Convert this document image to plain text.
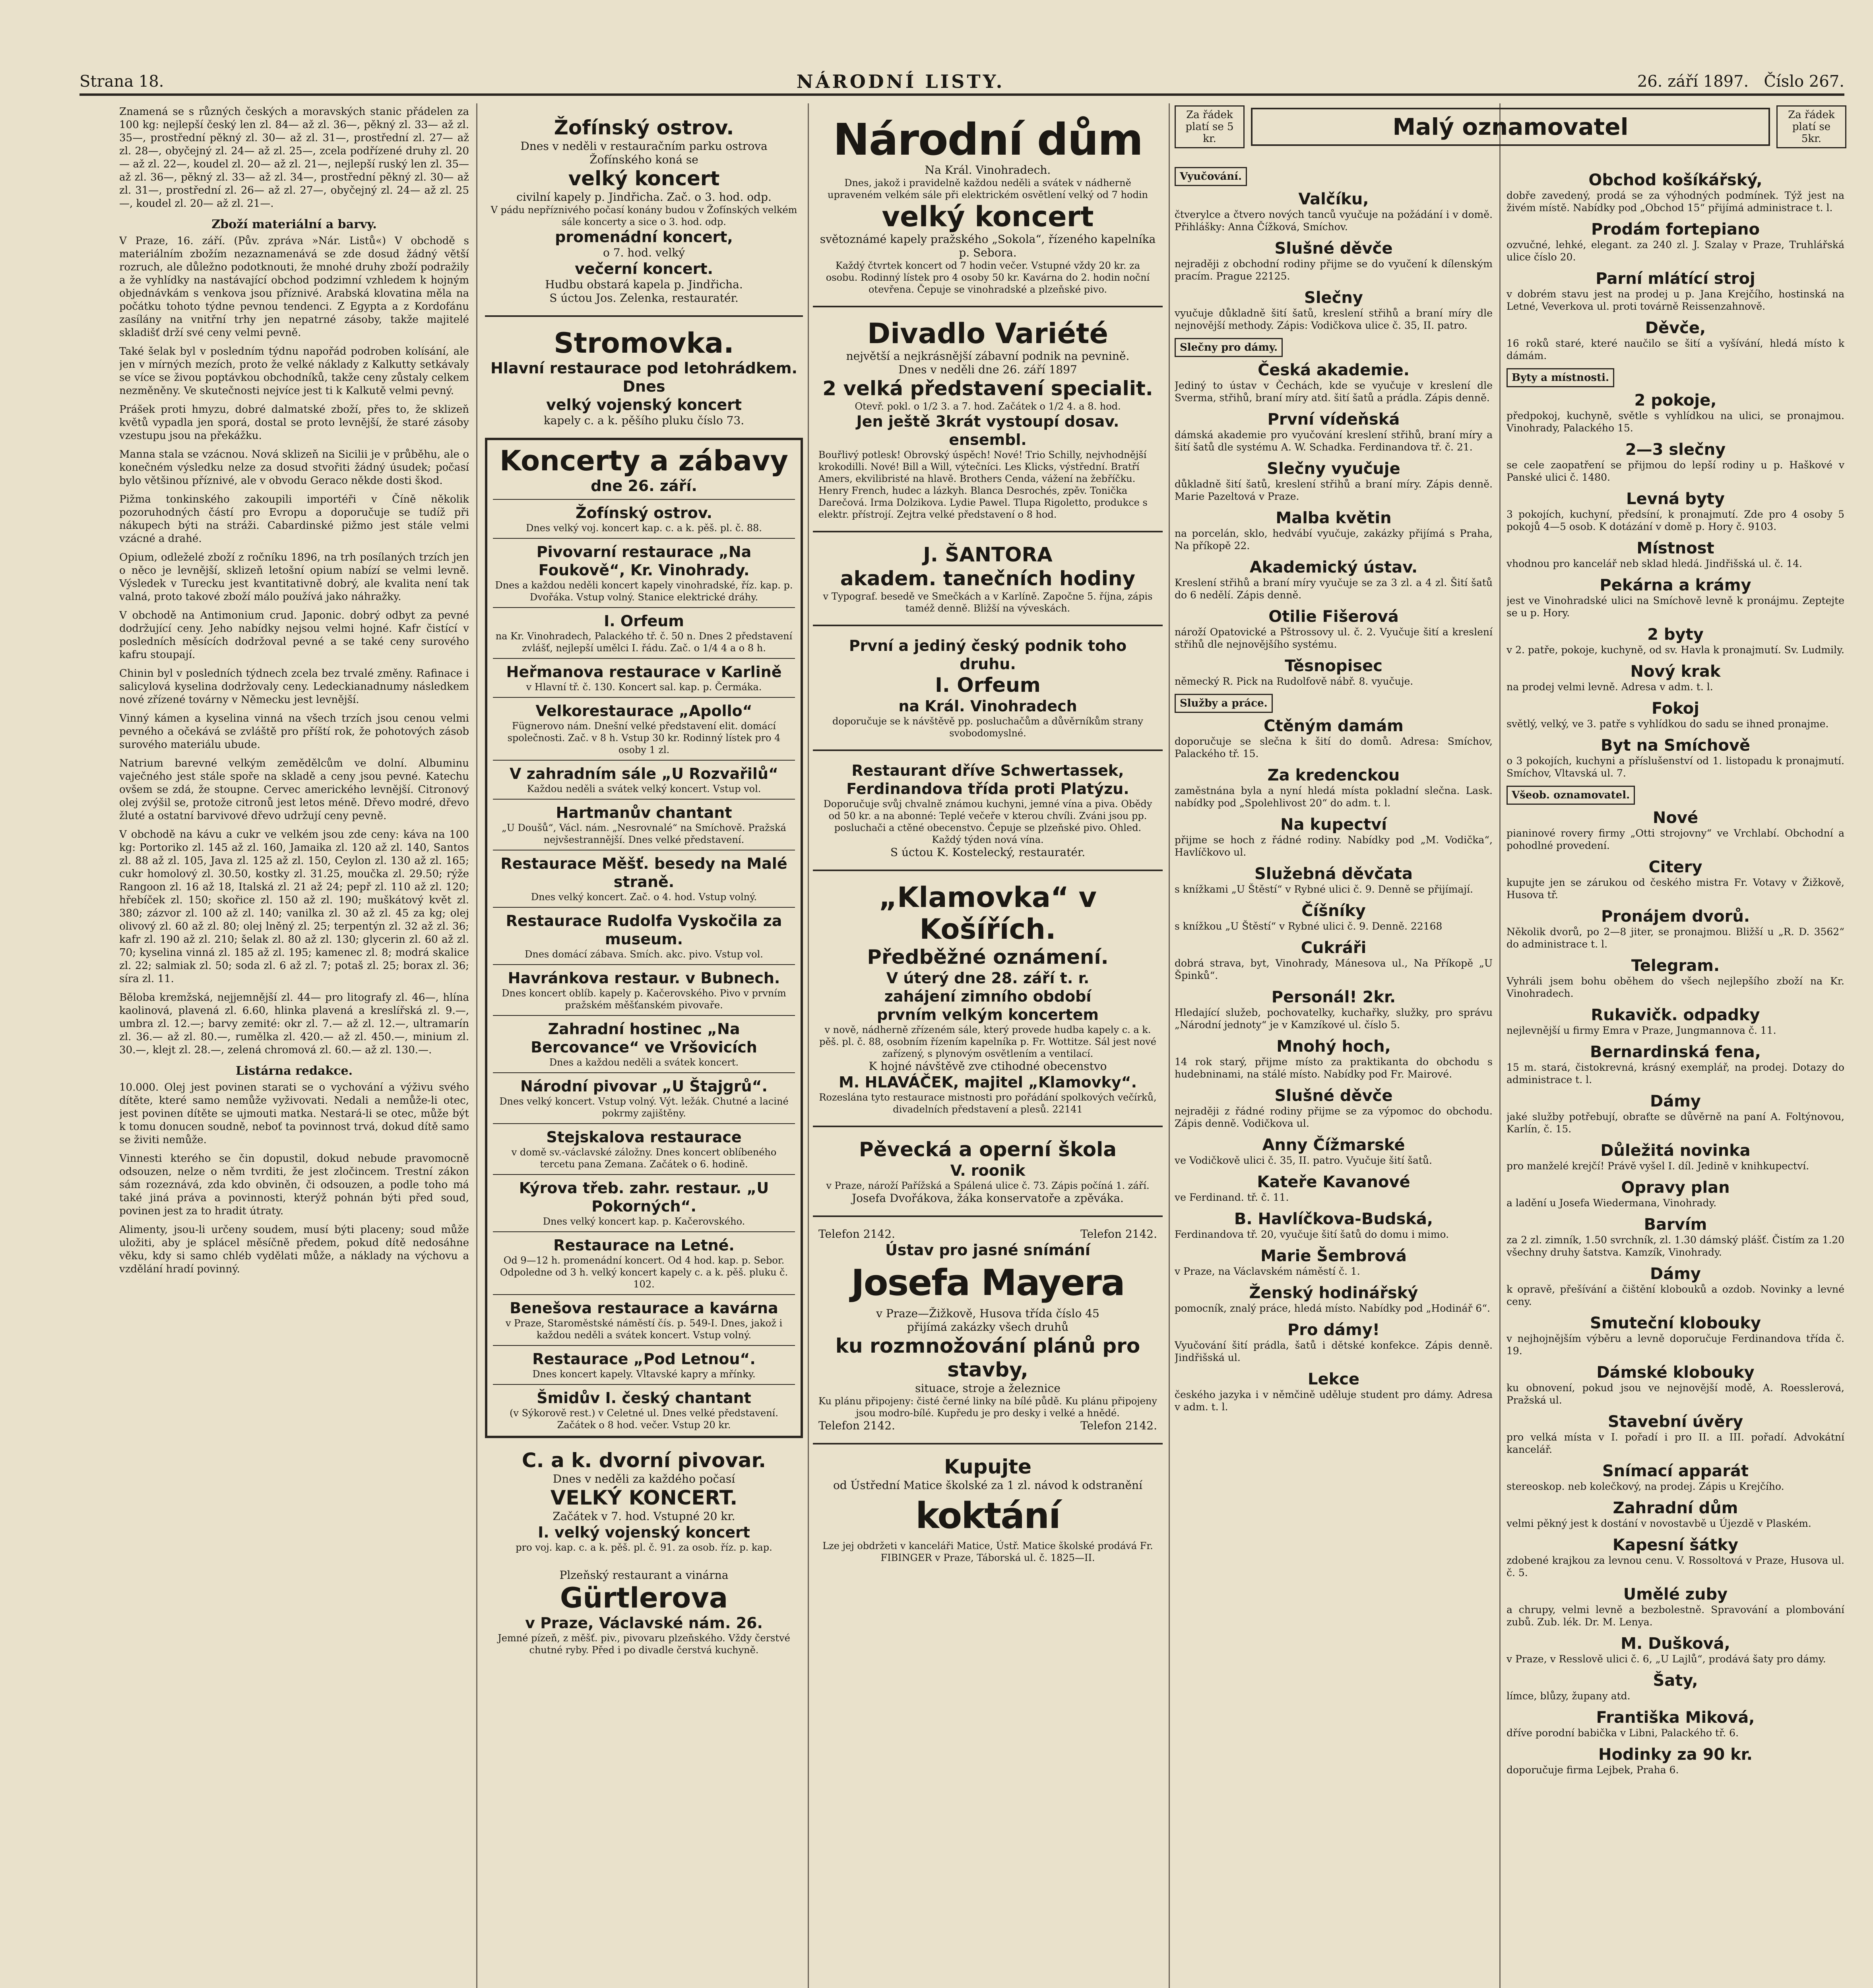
Strana 18.	NÁRODNÍ LISTY.	26. září 1897. Číslo 267.

Znamená se s různých českých a moravských stanic přádelen za 100 kg: nejlepší český len zl. 84— až zl. 36—, pěkný zl. 33— až zl. 35—, prostřední pěkný zl. 30— až zl. 31—, prostřední zl. 27— až zl. 28—, obyčejný zl. 24— až zl. 25—, zcela podřízené druhy zl. 20— až zl. 22—, koudel zl. 20— až zl. 21—, nejlepší ruský len zl. 35— až zl. 36—, pěkný zl. 33— až zl. 34—, prostřední pěkný zl. 30— až zl. 31—, prostřední zl. 26— až zl. 27—, obyčejný zl. 24— až zl. 25—, koudel zl. 20— až zl. 21—.

Zboží materiální a barvy.

V Praze, 16. září. (Pův. zpráva »Nár. Listů«) V obchodě s materiálním zbožím nezaznamenává se zde dosud žádný větší rozruch, ale důležno podotknouti, že mnohé druhy zboží podražily a že vyhlídky na nastávající obchod podzimní vzhledem k hojným objednávkám s venkova jsou příznivé. Arabská klovatina měla na počátku tohoto týdne pevnou tendenci. Z Egypta a z Kordofánu zasílány na vnitřní trhy jen nepatrné zásoby, takže majitelé skladišť drží své ceny velmi pevně.

Také šelak byl v posledním týdnu napořád podroben kolísání, ale jen v mírných mezích, proto že velké náklady z Kalkutty setkávaly se více se živou poptávkou obchodníků, takže ceny zůstaly celkem nezměněny. Ve skutečnosti nejvíce jest ti k Kalkutě velmi pevný.

Prášek proti hmyzu, dobré dalmatské zboží, přes to, že sklizeň květů vypadla jen sporá, dostal se proto levnější, že staré zásoby vzestupu jsou na překážku.

Manna stala se vzácnou. Nová sklizeň na Sicilii je v průběhu, ale o konečném výsledku nelze za dosud stvořiti žádný úsudek; počasí bylo většinou příznivé, ale v obvodu Geraco někde dosti škod.

Pižma tonkinského zakoupili importéři v Číně několik pozoruhodných částí pro Evropu a doporučuje se tudíž při nákupech býti na stráži. Cabardinské pižmo jest stále velmi vzácné a drahé.

Opium, odleželé zboží z ročníku 1896, na trh posílaných trzích jen o něco je levnější, sklizeň letošní opium nabízí se velmi levně. Výsledek v Turecku jest kvantitativně dobrý, ale kvalita není tak valná, proto takové zboží málo používá jako náhražky.

V obchodě na Antimonium crud. Japonic. dobrý odbyt za pevné dodržující ceny. Jeho nabídky nejsou velmi hojné. Kafr čistící v posledních měsících dodržoval pevné a se také ceny surového kafru stoupají.

Chinin byl v posledních týdnech zcela bez trvalé změny. Rafinace i salicylová kyselina dodržovaly ceny. Ledeckianadnumy následkem nové zřízené továrny v Německu jest levnější.

Vinný kámen a kyselina vinná na všech trzích jsou cenou velmi pevného a očekává se zvláště pro příští rok, že pohotových zásob surového materiálu ubude.

Natrium barevné velkým zemědělcům ve dolní. Albuminu vaječného jest stále spoře na skladě a ceny jsou pevné. Katechu ovšem se zdá, že stoupne. Cervec amerického levnější. Citronový olej zvýšil se, protože citronů jest letos méně. Dřevo modré, dřevo žluté a ostatní barvivové dřevo udržují ceny pevně.

V obchodě na kávu a cukr ve velkém jsou zde ceny: káva na 100 kg: Portoriko zl. 145 až zl. 160, Jamaika zl. 120 až zl. 140, Santos zl. 88 až zl. 105, Java zl. 125 až zl. 150, Ceylon zl. 130 až zl. 165; cukr homolový zl. 30.50, kostky zl. 31.25, moučka zl. 29.50; rýže Rangoon zl. 16 až 18, Italská zl. 21 až 24; pepř zl. 110 až zl. 120; hřebíček zl. 150; skořice zl. 150 až zl. 190; muškátový květ zl. 380; zázvor zl. 100 až zl. 140; vanilka zl. 30 až zl. 45 za kg; olej olivový zl. 60 až zl. 80; olej lněný zl. 25; terpentýn zl. 32 až zl. 36; kafr zl. 190 až zl. 210; šelak zl. 80 až zl. 130; glycerin zl. 60 až zl. 70; kyselina vinná zl. 185 až zl. 195; kamenec zl. 8; modrá skalice zl. 22; salmiak zl. 50; soda zl. 6 až zl. 7; potaš zl. 25; borax zl. 36; síra zl. 11.

Běloba kremžská, nejjemnější zl. 44— pro litografy zl. 46—, hlína kaolinová, plavená zl. 6.60, hlinka plavená a kreslířská zl. 9.—, umbra zl. 12.—; barvy zemité: okr zl. 7.— až zl. 12.—, ultramarín zl. 36.— až zl. 80.—, rumělka zl. 420.— až zl. 450.—, minium zl. 30.—, klejt zl. 28.—, zelená chromová zl. 60.— až zl. 130.—.

Listárna redakce.

10.000. Olej jest povinen starati se o vychování a výživu svého dítěte, které samo nemůže vyživovati. Nedali a nemůže-li otec, jest povinen dítěte se ujmouti matka. Nestará-li se otec, může být k tomu donucen soudně, neboť ta povinnost trvá, dokud dítě samo se živiti nemůže.

Vinnesti kterého se čin dopustil, dokud nebude pravomocně odsouzen, nelze o něm tvrditi, že jest zločincem. Trestní zákon sám rozeznává, zda kdo obviněn, či odsouzen, a podle toho má také jiná práva a povinnosti, kterýž pohnán býti před soud, povinen jest za to hradit útraty.

Alimenty, jsou-li určeny soudem, musí býti placeny; soud může uložiti, aby je splácel měsíčně předem, pokud dítě nedosáhne věku, kdy si samo chléb vydělati může, a náklady na výchovu a vzdělání hradí povinný.

Žofínský ostrov.
Dnes v neděli v restauračním parku ostrova Žofínského koná se
velký koncert
civilní kapely p. Jindřicha. Zač. o 3. hod. odp.
V pádu nepříznivého počasí konány budou v Žofínských velkém sále koncerty a sice o 3. hod. odp.
promenádní koncert,
o 7. hod. velký
večerní koncert.
Hudbu obstará kapela p. Jindřicha.
S úctou Jos. Zelenka, restauratér.
Stromovka.
Hlavní restaurace pod letohrádkem.
Dnes
velký vojenský koncert
kapely c. a k. pěšího pluku číslo 73.
Koncerty a zábavy
dne 26. září.
Žofínský ostrov.
Dnes velký voj. koncert kap. c. a k. pěš. pl. č. 88.
Pivovarní restaurace „Na Foukově“, Kr. Vinohrady.
Dnes a každou neděli koncert kapely vinohradské, říz. kap. p. Dvořáka. Vstup volný. Stanice elektrické dráhy.
I. Orfeum
na Kr. Vinohradech, Palackého tř. č. 50 n. Dnes 2 představení zvlášť, nejlepší umělci I. řádu. Zač. o 1/4 4 a o 8 h.
Heřmanova restaurace v Karlině
v Hlavní tř. č. 130. Koncert sal. kap. p. Čermáka.
Velkorestaurace „Apollo“
Fügnerovo nám. Dnešní velké představení elit. domácí společnosti. Zač. v 8 h. Vstup 30 kr. Rodinný lístek pro 4 osoby 1 zl.
V zahradním sále „U Rozvařilů“
Každou neděli a svátek velký koncert. Vstup vol.
Hartmanův chantant
„U Doušů“, Václ. nám. „Nesrovnalé“ na Smíchově. Pražská nejvšestrannější. Dnes velké představení.
Restaurace Měšť. besedy na Malé straně.
Dnes velký koncert. Zač. o 4. hod. Vstup volný.
Restaurace Rudolfa Vyskočila za museum.
Dnes domácí zábava. Smích. akc. pivo. Vstup vol.
Havránkova restaur. v Bubnech.
Dnes koncert oblíb. kapely p. Kačerovského. Pivo v prvním pražském měšťanském pivovaře.
Zahradní hostinec „Na Bercovance“ ve Vršovicích
Dnes a každou neděli a svátek koncert.
Národní pivovar „U Štajgrů“.
Dnes velký koncert. Vstup volný. Výt. ležák. Chutné a laciné pokrmy zajištěny.
Stejskalova restaurace
v domě sv.-václavské záložny. Dnes koncert oblíbeného tercetu pana Zemana. Začátek o 6. hodině.
Kýrova třeb. zahr. restaur. „U Pokorných“.
Dnes velký koncert kap. p. Kačerovského.
Restaurace na Letné.
Od 9—12 h. promenádní koncert. Od 4 hod. kap. p. Sebor. Odpoledne od 3 h. velký koncert kapely c. a k. pěš. pluku č. 102.
Benešova restaurace a kavárna
v Praze, Staroměstské náměstí čís. p. 549-I. Dnes, jakož i každou neděli a svátek koncert. Vstup volný.
Restaurace „Pod Letnou“.
Dnes koncert kapely. Vltavské kapry a mřínky.
Šmidův I. český chantant
(v Sýkorově rest.) v Celetné ul. Dnes velké představení. Začátek o 8 hod. večer. Vstup 20 kr.
C. a k. dvorní pivovar.
Dnes v neděli za každého počasí
VELKÝ KONCERT.
Začátek v 7. hod. Vstupné 20 kr.
I. velký vojenský koncert
pro voj. kap. c. a k. pěš. pl. č. 91. za osob. říz. p. kap.
Plzeňský restaurant a vinárna
Gürtlerova
v Praze, Václavské nám. 26.
Jemné pízeň, z měšť. piv., pivovaru plzeňského. Vždy čerstvé chutné ryby. Před i po divadle čerstvá kuchyně.
Národní dům
Na Král. Vinohradech.
Dnes, jakož i pravidelně každou neděli a svátek v nádherně upraveném velkém sále při elektrickém osvětlení velký od 7 hodin
velký koncert
světoznámé kapely pražského „Sokola“, řízeného kapelníka p. Sebora.
Každý čtvrtek koncert od 7 hodin večer. Vstupné vždy 20 kr. za osobu. Rodinný lístek pro 4 osoby 50 kr. Kavárna do 2. hodin noční otevřena. Čepuje se vinohradské a plzeňské pivo.
Divadlo Variété
největší a nejkrásnější zábavní podnik na pevnině.
Dnes v neděli dne 26. září 1897
2 velká představení specialit.
Otevř. pokl. o 1/2 3. a 7. hod. Začátek o 1/2 4. a 8. hod.
Jen ještě 3krát vystoupí dosav. ensembl.
Bouřlivý potlesk! Obrovský úspěch! Nové! Trio Schilly, nejvhodnější krokodilli. Nové! Bill a Will, výtečníci. Les Klicks, výstřední. Bratří Amers, ekvilibristé na hlavě. Brothers Cenda, vážení na žebříčku. Henry French, hudec a lázkyh. Blanca Desrochés, zpěv. Tonička Darečová. Irma Dolzikova. Lydie Pawel. Tlupa Rigoletto, produkce s elektr. přístrojí. Zejtra velké představení o 8 hod.
J. ŠANTORA
akadem. tanečních hodiny
v Typograf. besedě ve Smečkách a v Karlíně. Započne 5. října, zápis taméž denně. Bližší na výveskách.
První a jediný český podnik toho druhu.
I. Orfeum
na Král. Vinohradech
doporučuje se k návštěvě pp. posluchačům a důvěrníkům strany svobodomyslné.
Restaurant dříve Schwertassek,
Ferdinandova třída proti Platýzu.
Doporučuje svůj chvalně známou kuchyni, jemné vína a piva. Obědy od 50 kr. a na abonné: Teplé večeře v kterou chvíli. Zváni jsou pp. posluchači a ctěné obecenstvo. Čepuje se plzeňské pivo. Ohled. Každý týden nová vína.
S úctou K. Kostelecký, restauratér.
„Klamovka“ v Košířích.
Předběžné oznámení.
V úterý dne 28. září t. r.
zahájení zimního období
prvním velkým koncertem
v nově, nádherně zřízeném sále, který provede hudba kapely c. a k. pěš. pl. č. 88, osobním řízením kapelníka p. Fr. Wottitze. Sál jest nové zařízený, s plynovým osvětlením a ventilací.
K hojné návštěvě zve ctihodné obecenstvo
M. HLAVÁČEK, majitel „Klamovky“.
Rozeslána tyto restaurace mistnosti pro pořádání spolkových večírků, divadelních představení a plesů. 22141
Pěvecká a operní škola
V. roonik
v Praze, nároží Pařížská a Spálená ulice č. 73. Zápis počíná 1. září.
Josefa Dvořákova, žáka konservatoře a zpěváka.
Telefon 2142.	Telefon 2142.
Ústav pro jasné snímání
Josefa Mayera
v Praze—Žižkově, Husova třída číslo 45
přijímá zakázky všech druhů
ku rozmnožování plánů pro stavby,
situace, stroje a železnice
Ku plánu připojeny: čisté černé linky na bílé půdě. Ku plánu připojeny jsou modro-bílé. Kupředu je pro desky i velké a hnědé.
Telefon 2142.	Telefon 2142.
Kupujte
od Ústřední Matice školské za 1 zl. návod k odstranění
koktání
Lze jej obdržeti v kanceláři Matice, Ústř. Matice školské prodává Fr. FIBINGER v Praze, Táborská ul. č. 1825—II.
Za řádek platí se 5 kr.	Malý oznamovatel	Za řádek platí se 5kr.
Vyučování.
Valčíku,
čtverylce a čtvero nových tanců vyučuje na požádání i v domě. Přihlášky: Anna Čížková, Smíchov.
Slušné děvče
nejraději z obchodní rodiny přijme se do vyučení k dílenským pracím. Prague 22125.
Slečny
vyučuje důkladně šití šatů, kreslení střihů a braní míry dle nejnovější methody. Zápis: Vodičkova ulice č. 35, II. patro.
Slečny pro dámy.
Česká akademie.
Jediný to ústav v Čechách, kde se vyučuje v kreslení dle Sverma, střihů, braní míry atd. šití šatů a prádla. Zápis denně.
První vídeňská
dámská akademie pro vyučování kreslení střihů, braní míry a šití šatů dle systému A. W. Schadka. Ferdinandova tř. č. 21.
Slečny vyučuje
důkladně šití šatů, kreslení střihů a braní míry. Zápis denně. Marie Pazeltová v Praze.
Malba květin
na porcelán, sklo, hedvábí vyučuje, zakázky přijímá s Praha, Na příkopě 22.
Akademický ústav.
Kreslení střihů a braní míry vyučuje se za 3 zl. a 4 zl. Šití šatů do 6 nedělí. Zápis denně.
Otilie Fišerová
nároží Opatovické a Pštrossovy ul. č. 2. Vyučuje šití a kreslení střihů dle nejnovějšího systému.
Těsnopisec
německý R. Pick na Rudolfově nábř. 8. vyučuje.
Služby a práce.
Ctěným damám
doporučuje se slečna k šití do domů. Adresa: Smíchov, Palackého tř. 15.
Za kredenckou
zaměstnána byla a nyní hledá místa pokladní slečna. Lask. nabídky pod „Spolehlivost 20“ do adm. t. l.
Na kupectví
přijme se hoch z řádné rodiny. Nabídky pod „M. Vodička“, Havlíčkovo ul.
Služebná děvčata
s knížkami „U Štěstí“ v Rybné ulici č. 9. Denně se přijímají.
Číšníky
s knížkou „U Štěstí“ v Rybné ulici č. 9. Denně. 22168
Cukráři
dobrá strava, byt, Vinohrady, Mánesova ul., Na Příkopě „U Špinků“.
Personál! 2kr.
Hledající služeb, pochovatelky, kuchařky, služky, pro správu „Národní jednoty“ je v Kamzíkové ul. číslo 5.
Mnohý hoch,
14 rok starý, přijme místo za praktikanta do obchodu s hudebninami, na stálé místo. Nabídky pod Fr. Mairové.
Slušné děvče
nejraději z řádné rodiny přijme se za výpomoc do obchodu. Zápis denně. Vodičkova ul.
Anny Čížmarské
ve Vodičkově ulici č. 35, II. patro. Vyučuje šití šatů.
Kateře Kavanové
ve Ferdinand. tř. č. 11.
B. Havlíčkova-Budská,
Ferdinandova tř. 20, vyučuje šití šatů do domu i mimo.
Marie Šembrová
v Praze, na Václavském náměstí č. 1.
Ženský hodinářský
pomocník, znalý práce, hledá místo. Nabídky pod „Hodinář 6“.
Pro dámy!
Vyučování šití prádla, šatů i dětské konfekce. Zápis denně. Jindřišská ul.
Lekce
českého jazyka i v němčině uděluje student pro dámy. Adresa v adm. t. l.
Obchod košíkářský,
dobře zavedený, prodá se za výhodných podmínek. Týž jest na živém místě. Nabídky pod „Obchod 15“ přijímá administrace t. l.
Prodám fortepiano
ozvučné, lehké, elegant. za 240 zl. J. Szalay v Praze, Truhlářská ulice číslo 20.
Parní mlátící stroj
v dobrém stavu jest na prodej u p. Jana Krejčího, hostinská na Letné, Veverkova ul. proti továrně Reissenzahnově.
Děvče,
16 roků staré, které naučilo se šití a vyšívání, hledá místo k dámám.
Byty a místnosti.
2 pokoje,
předpokoj, kuchyně, světle s vyhlídkou na ulici, se pronajmou. Vinohrady, Palackého 15.
2—3 slečny
se cele zaopatření se přijmou do lepší rodiny u p. Haškové v Panské ulici č. 1480.
Levná byty
3 pokojích, kuchyní, předsíní, k pronajmutí. Zde pro 4 osoby 5 pokojů 4—5 osob. K dotázání v domě p. Hory č. 9103.
Místnost
vhodnou pro kancelář neb sklad hledá. Jindřišská ul. č. 14.
Pekárna a krámy
jest ve Vinohradské ulici na Smíchově levně k pronájmu. Zeptejte se u p. Hory.
2 byty
v 2. patře, pokoje, kuchyně, od sv. Havla k pronajmutí. Sv. Ludmily.
Nový krak
na prodej velmi levně. Adresa v adm. t. l.
Fokoj
světlý, velký, ve 3. patře s vyhlídkou do sadu se ihned pronajme.
Byt na Smíchově
o 3 pokojích, kuchyni a příslušenství od 1. listopadu k pronajmutí. Smíchov, Vltavská ul. 7.
Všeob. oznamovatel.
Nové
pianinové rovery firmy „Otti strojovny“ ve Vrchlabí. Obchodní a pohodlné provedení.
Citery
kupujte jen se zárukou od českého mistra Fr. Votavy v Žižkově, Husova tř.
Pronájem dvorů.
Několik dvorů, po 2—8 jiter, se pronajmou. Bližší u „R. D. 3562“ do administrace t. l.
Telegram.
Vyhráli jsem bohu oběhem do všech nejlepšího zboží na Kr. Vinohradech.
Rukavičk. odpadky
nejlevnější u firmy Emra v Praze, Jungmannova č. 11.
Bernardinská fena,
15 m. stará, čistokrevná, krásný exemplář, na prodej. Dotazy do administrace t. l.
Dámy
jaké služby potřebují, obraťte se důvěrně na paní A. Foltýnovou, Karlín, č. 15.
Důležitá novinka
pro manželé krejčí! Právě vyšel I. díl. Jedině v knihkupectví.
Opravy plan
a ladění u Josefa Wiedermana, Vinohrady.
Barvím
za 2 zl. zimník, 1.50 svrchník, zl. 1.30 dámský plášť. Čistím za 1.20 všechny druhy šatstva. Kamzík, Vinohrady.
Dámy
k opravě, přešívání a čištění klobouků a ozdob. Novinky a levné ceny.
Smuteční klobouky
v nejhojnějším výběru a levně doporučuje Ferdinandova třída č. 19.
Dámské klobouky
ku obnovení, pokud jsou ve nejnovější modě, A. Roesslerová, Pražská ul.
Stavební úvěry
pro velká místa v I. pořadí i pro II. a III. pořadí. Advokátní kancelář.
Snímací apparát
stereoskop. neb kolečkový, na prodej. Zápis u Krejčího.
Zahradní dům
velmi pěkný jest k dostání v novostavbě u Újezdě v Plaském.
Kapesní šátky
zdobené krajkou za levnou cenu. V. Rossoltová v Praze, Husova ul. č. 5.
Umělé zuby
a chrupy, velmi levně a bezbolestně. Spravování a plombování zubů. Zub. lék. Dr. M. Lenya.
M. Dušková,
v Praze, v Resslově ulici č. 6, „U Lajlů“, prodává šaty pro dámy.
Šaty,
límce, blůzy, župany atd.
Františka Miková,
dříve porodní babička v Libni, Palackého tř. 6.
Hodinky za 90 kr.
doporučuje firma Lejbek, Praha 6.
